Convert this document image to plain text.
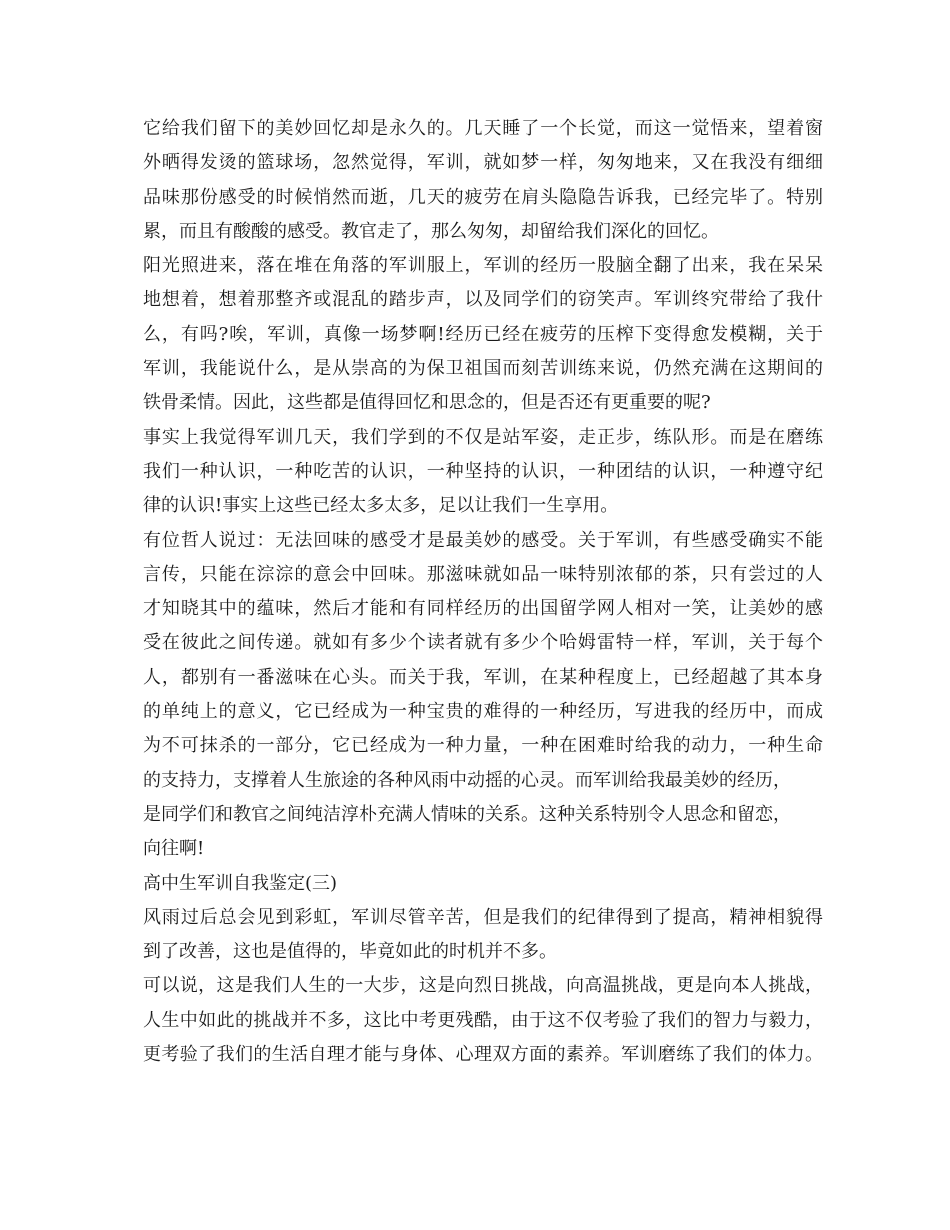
它给我们留下的美妙回忆却是永久的。几天睡了一个长觉，而这一觉悟来，望着窗
外晒得发烫的篮球场，忽然觉得，军训，就如梦一样，匆匆地来，又在我没有细细
品味那份感受的时候悄然而逝，几天的疲劳在肩头隐隐告诉我，已经完毕了。特别
累，而且有酸酸的感受。教官走了，那么匆匆，却留给我们深化的回忆。
阳光照进来，落在堆在角落的军训服上，军训的经历一股脑全翻了出来，我在呆呆
地想着，想着那整齐或混乱的踏步声，以及同学们的窃笑声。军训终究带给了我什
么，有吗?唉，军训，真像一场梦啊!经历已经在疲劳的压榨下变得愈发模糊，关于
军训，我能说什么，是从崇高的为保卫祖国而刻苦训练来说，仍然充满在这期间的
铁骨柔情。因此，这些都是值得回忆和思念的，但是否还有更重要的呢?
事实上我觉得军训几天，我们学到的不仅是站军姿，走正步，练队形。而是在磨练
我们一种认识，一种吃苦的认识，一种坚持的认识，一种团结的认识，一种遵守纪
律的认识!事实上这些已经太多太多，足以让我们一生享用。
有位哲人说过：无法回味的感受才是最美妙的感受。关于军训，有些感受确实不能
言传，只能在淙淙的意会中回味。那滋味就如品一味特别浓郁的茶，只有尝过的人
才知晓其中的蕴味，然后才能和有同样经历的出国留学网人相对一笑，让美妙的感
受在彼此之间传递。就如有多少个读者就有多少个哈姆雷特一样，军训，关于每个
人，都别有一番滋味在心头。而关于我，军训，在某种程度上，已经超越了其本身
的单纯上的意义，它已经成为一种宝贵的难得的一种经历，写进我的经历中，而成
为不可抹杀的一部分，它已经成为一种力量，一种在困难时给我的动力，一种生命
的支持力，支撑着人生旅途的各种风雨中动摇的心灵。而军训给我最美妙的经历，
是同学们和教官之间纯洁淳朴充满人情味的关系。这种关系特别令人思念和留恋，
向往啊!
高中生军训自我鉴定(三)
风雨过后总会见到彩虹，军训尽管辛苦，但是我们的纪律得到了提高，精神相貌得
到了改善，这也是值得的，毕竟如此的时机并不多。
可以说，这是我们人生的一大步，这是向烈日挑战，向高温挑战，更是向本人挑战，
人生中如此的挑战并不多，这比中考更残酷，由于这不仅考验了我们的智力与毅力，
更考验了我们的生活自理才能与身体、心理双方面的素养。军训磨练了我们的体力。
